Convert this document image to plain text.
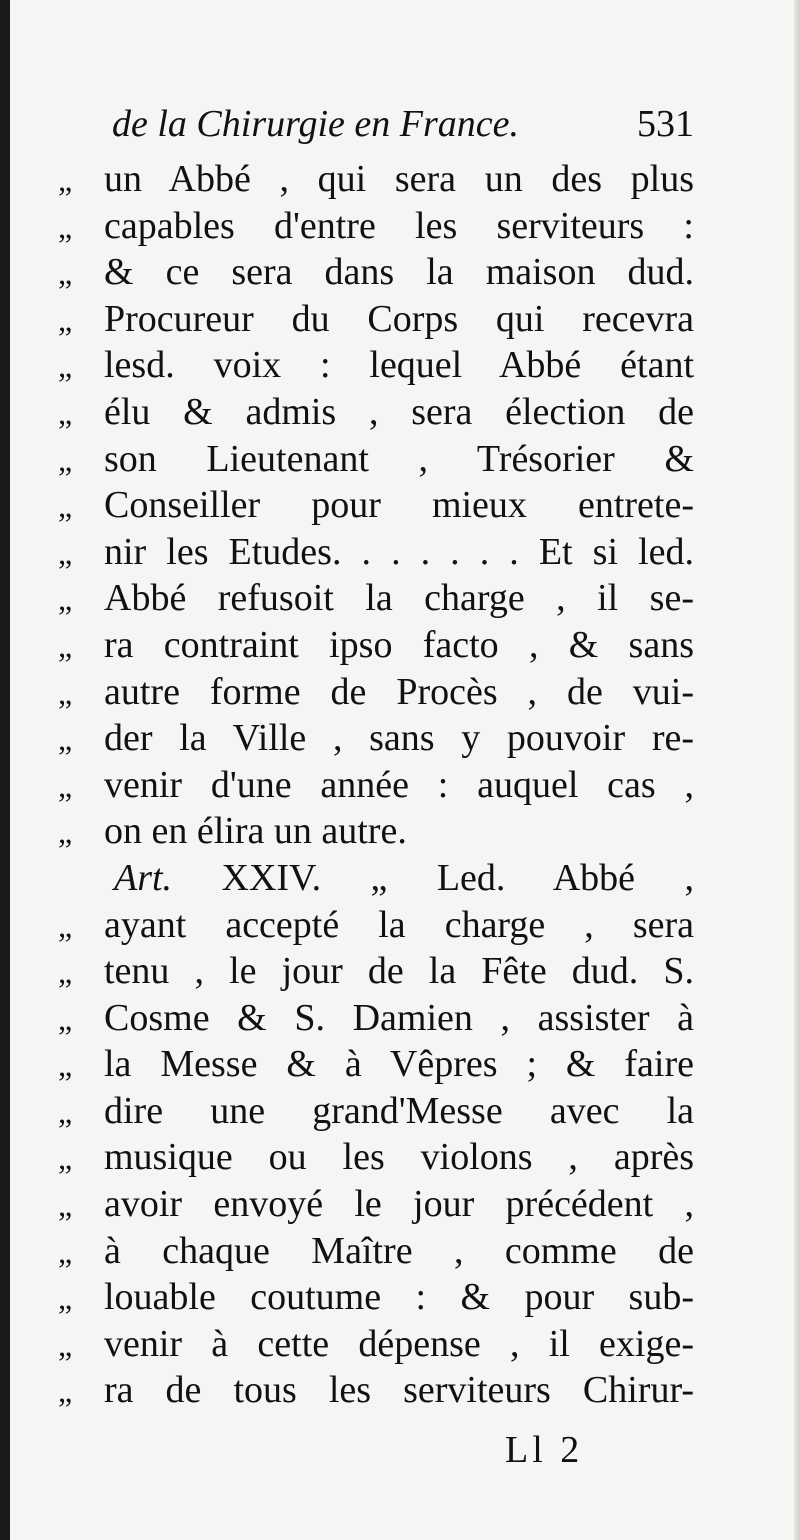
de la Chirurgie en France.	531
„ un Abbé , qui sera un des plus
„ capables d'entre les serviteurs :
„ & ce sera dans la maison dud.
„ Procureur du Corps qui recevra
„ lesd. voix : lequel Abbé étant
„ élu & admis , sera élection de
„ son Lieutenant , Trésorier &
„ Conseiller pour mieux entrete-
„ nir les Etudes. . . . . . . Et si led.
„ Abbé refusoit la charge , il se-
„ ra contraint ipso facto , & sans
„ autre forme de Procès , de vui-
„ der la Ville , sans y pouvoir re-
„ venir d'une année : auquel cas ,
„ on en élira un autre.
Art. XXIV. „ Led. Abbé ,
„ ayant accepté la charge , sera
„ tenu , le jour de la Fête dud. S.
„ Cosme & S. Damien , assister à
„ la Messe & à Vêpres ; & faire
„ dire une grand'Messe avec la
„ musique ou les violons , après
„ avoir envoyé le jour précédent ,
„ à chaque Maître , comme de
„ louable coutume : & pour sub-
„ venir à cette dépense , il exige-
„ ra de tous les serviteurs Chirur-
Ll 2
